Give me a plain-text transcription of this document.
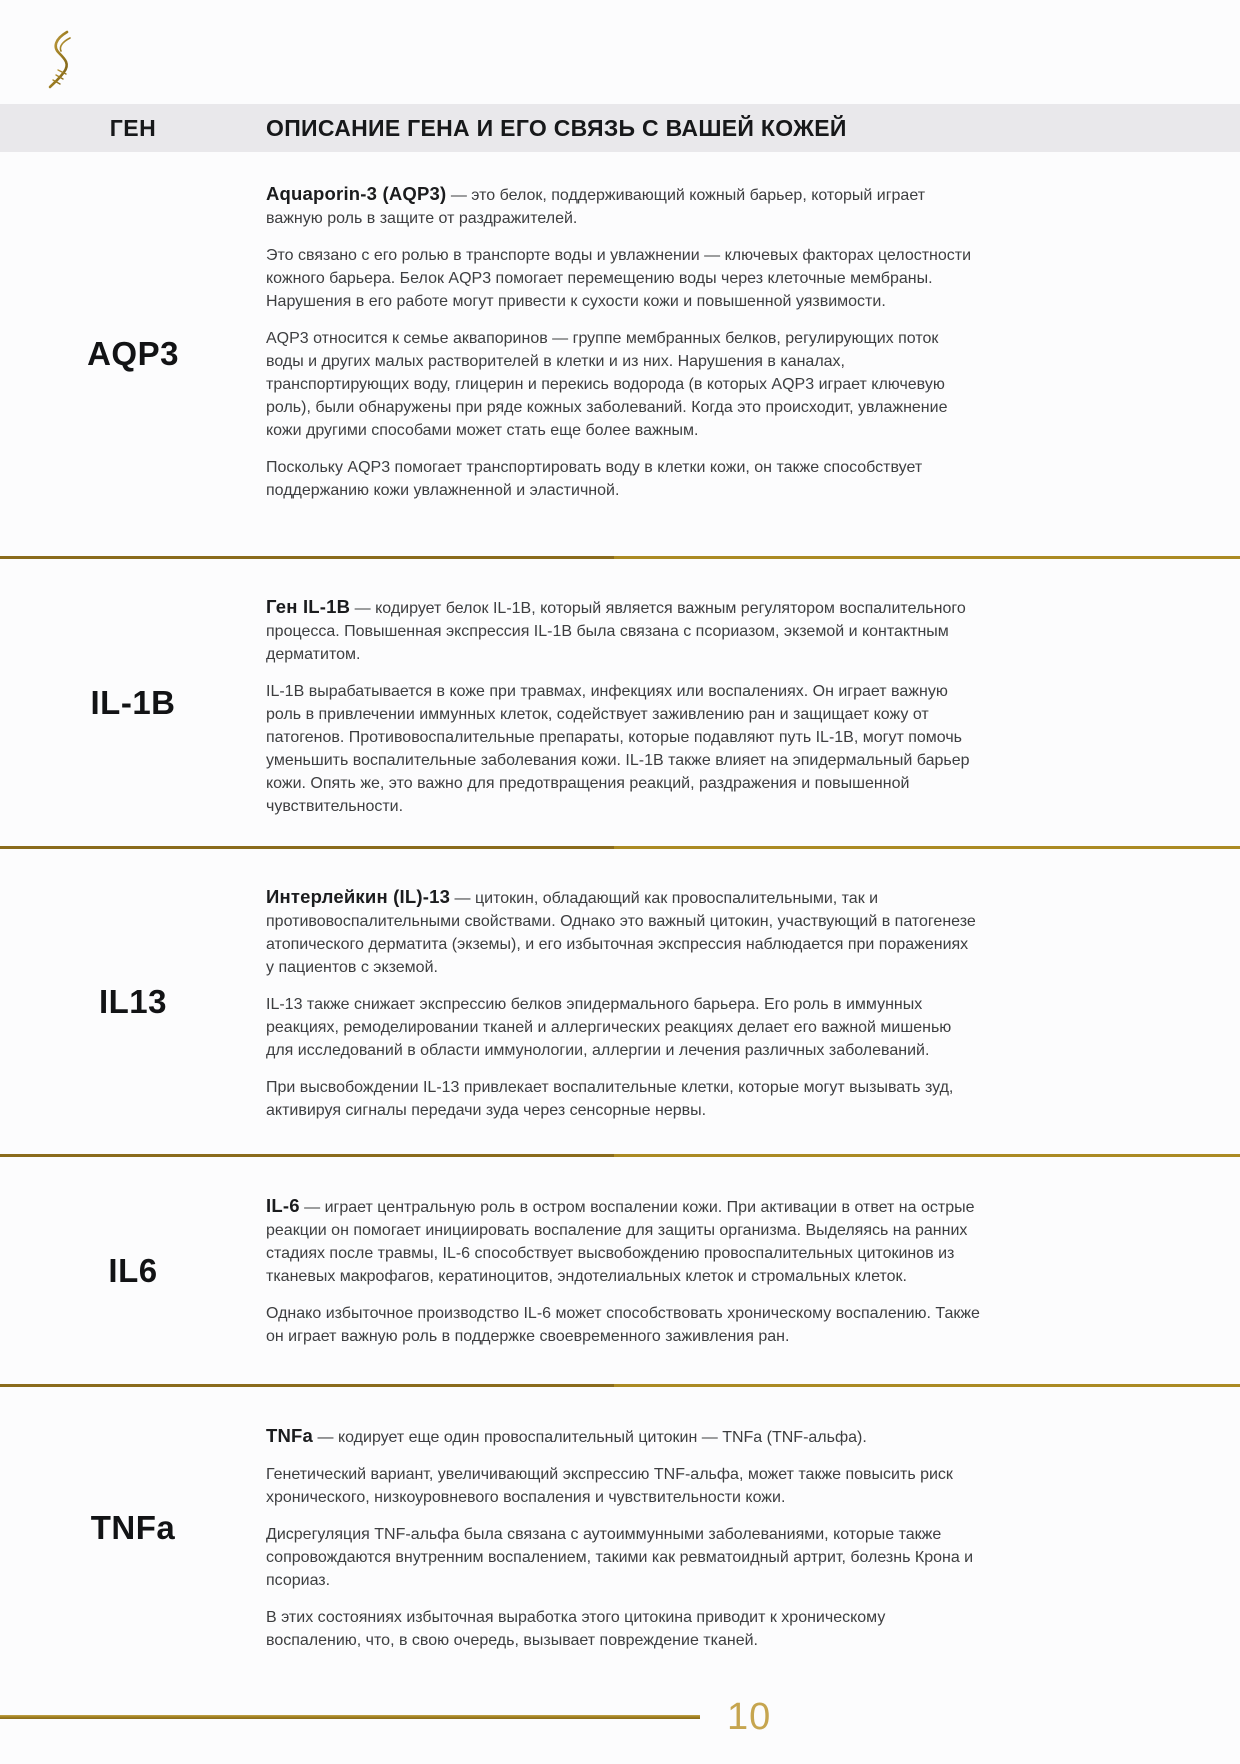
ГЕН	ОПИСАНИЕ ГЕНА И ЕГО СВЯЗЬ С ВАШЕЙ КОЖЕЙ
AQP3

Aquaporin-3 (AQP3) — это белок, поддерживающий кожный барьер, который играет важную роль в защите от раздражителей.

Это связано с его ролью в транспорте воды и увлажнении — ключевых факторах целостности кожного барьера. Белок AQP3 помогает перемещению воды через клеточные мембраны. Нарушения в его работе могут привести к сухости кожи и повышенной уязвимости.

AQP3 относится к семье аквапоринов — группе мембранных белков, регулирующих поток воды и других малых растворителей в клетки и из них. Нарушения в каналах, транспортирующих воду, глицерин и перекись водорода (в которых AQP3 играет ключевую роль), были обнаружены при ряде кожных заболеваний. Когда это происходит, увлажнение кожи другими способами может стать еще более важным.

Поскольку AQP3 помогает транспортировать воду в клетки кожи, он также способствует поддержанию кожи увлажненной и эластичной.

IL-1B

Ген IL-1B — кодирует белок IL-1B, который является важным регулятором воспалительного процесса. Повышенная экспрессия IL-1B была связана с псориазом, экземой и контактным дерматитом.

IL-1B вырабатывается в коже при травмах, инфекциях или воспалениях. Он играет важную роль в привлечении иммунных клеток, содействует заживлению ран и защищает кожу от патогенов. Противовоспалительные препараты, которые подавляют путь IL-1B, могут помочь уменьшить воспалительные заболевания кожи. IL-1B также влияет на эпидермальный барьер кожи. Опять же, это важно для предотвращения реакций, раздражения и повышенной чувствительности.

IL13

Интерлейкин (IL)-13 — цитокин, обладающий как провоспалительными, так и противовоспалительными свойствами. Однако это важный цитокин, участвующий в патогенезе атопического дерматита (экземы), и его избыточная экспрессия наблюдается при поражениях у пациентов с экземой.

IL-13 также снижает экспрессию белков эпидермального барьера. Его роль в иммунных реакциях, ремоделировании тканей и аллергических реакциях делает его важной мишенью для исследований в области иммунологии, аллергии и лечения различных заболеваний.

При высвобождении IL-13 привлекает воспалительные клетки, которые могут вызывать зуд, активируя сигналы передачи зуда через сенсорные нервы.

IL6

IL-6 — играет центральную роль в остром воспалении кожи. При активации в ответ на острые реакции он помогает инициировать воспаление для защиты организма. Выделяясь на ранних стадиях после травмы, IL-6 способствует высвобождению провоспалительных цитокинов из тканевых макрофагов, кератиноцитов, эндотелиальных клеток и стромальных клеток.

Однако избыточное производство IL-6 может способствовать хроническому воспалению. Также он играет важную роль в поддержке своевременного заживления ран.

TNFa

TNFa — кодирует еще один провоспалительный цитокин — TNFa (TNF-альфа).

Генетический вариант, увеличивающий экспрессию TNF-альфа, может также повысить риск хронического, низкоуровневого воспаления и чувствительности кожи.

Дисрегуляция TNF-альфа была связана с аутоиммунными заболеваниями, которые также сопровождаются внутренним воспалением, такими как ревматоидный артрит, болезнь Крона и псориаз.

В этих состояниях избыточная выработка этого цитокина приводит к хроническому воспалению, что, в свою очередь, вызывает повреждение тканей.

10
